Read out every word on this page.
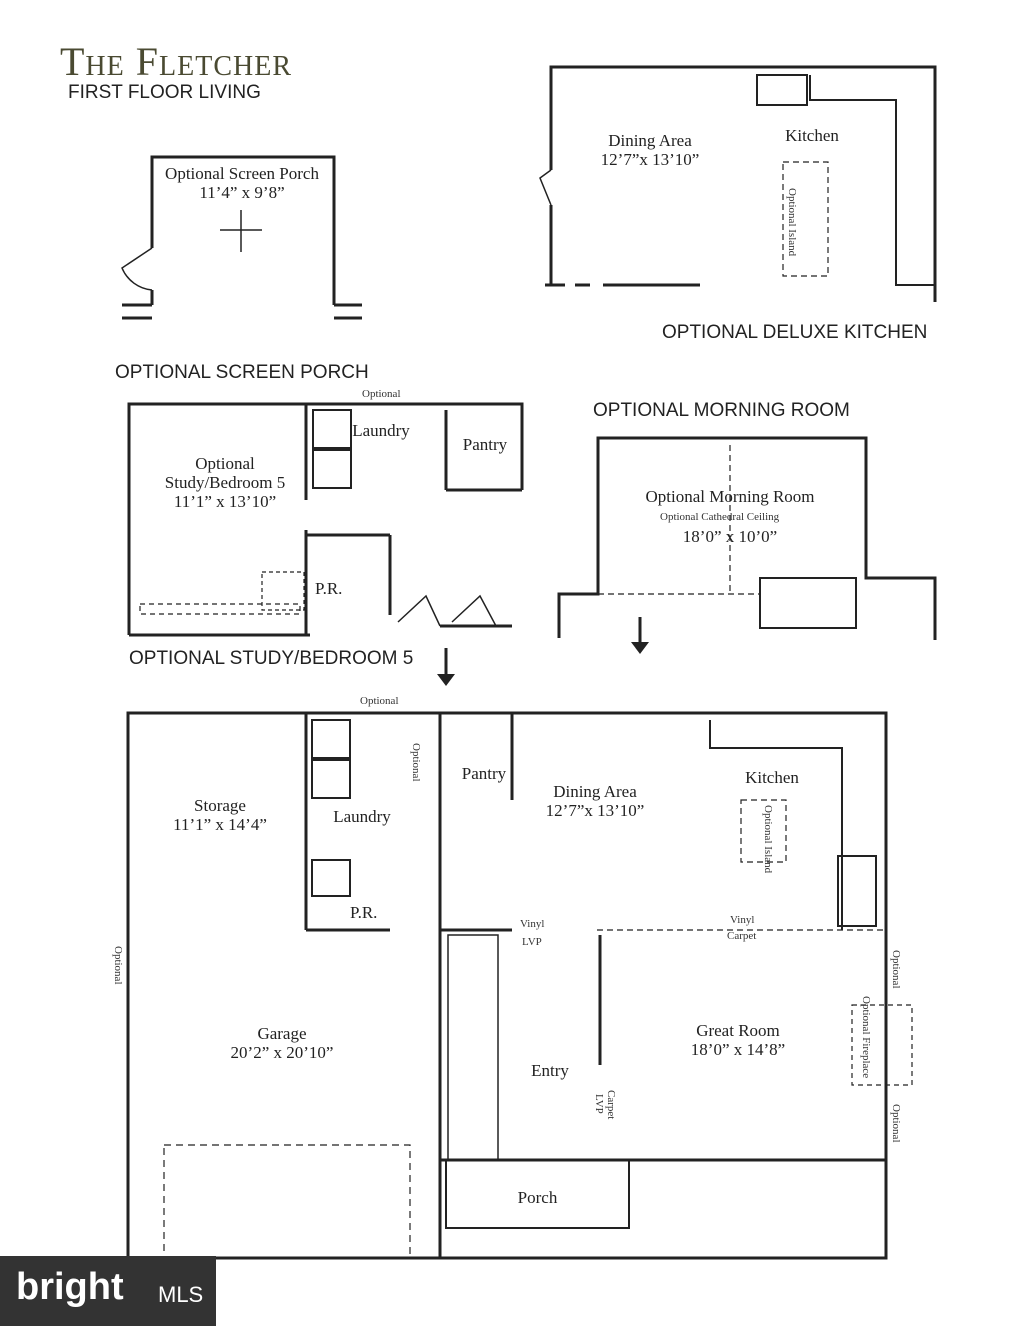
The Fletcher
FIRST FLOOR LIVING
OPTIONAL DELUXE KITCHEN
OPTIONAL SCREEN PORCH
OPTIONAL MORNING ROOM
OPTIONAL STUDY/BEDROOM 5
Optional Screen Porch
11’4” x 9’8”
Dining Area
12’7”x 13’10”
Kitchen
Optional Island
Optional
Laundry
Pantry
Optional
Study/Bedroom 5
11’1” x 13’10”
P.R.
Optional Morning Room
Optional Cathedral Ceiling
18’0” x 10’0”
Optional
Optional	Pantry
Dining Area
12’7”x 13’10”
Kitchen
Optional Island
Storage
11’1” x 14’4”	Laundry
P.R.
Vinyl
LVP
Vinyl
Carpet
Optional
Garage
20’2” x 20’10”
Great Room
18’0” x 14’8”
Entry
LVP Carpet
Optional
Optional Fireplace
Optional
Porch
bright MLS
